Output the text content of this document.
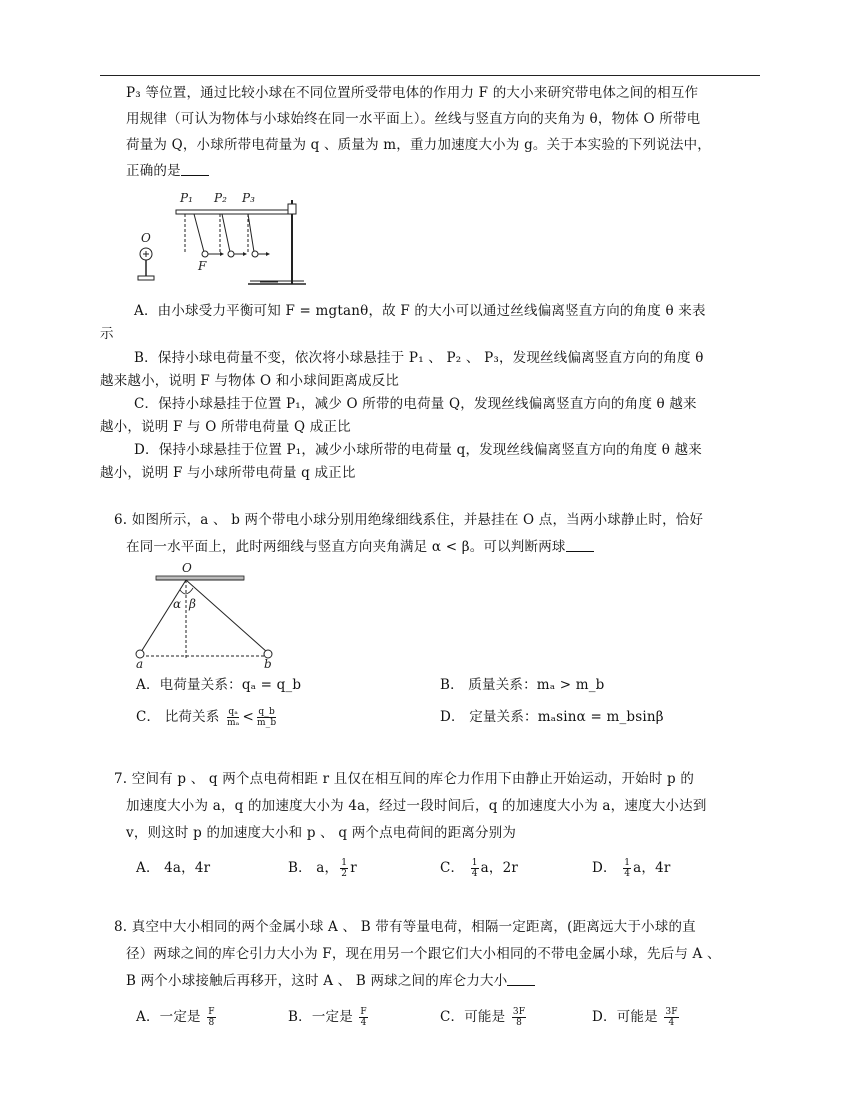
P₃ 等位置，通过比较小球在不同位置所受带电体的作用力 F 的大小来研究带电体之间的相互作
用规律（可认为物体与小球始终在同一水平面上）。丝线与竖直方向的夹角为 θ，物体 O 所带电
荷量为 Q，小球所带电荷量为 q 、质量为 m，重力加速度大小为 g。关于本实验的下列说法中，
正确的是
P₁ P₂ P₃
O
F
A．由小球受力平衡可知 F = mgtanθ，故 F 的大小可以通过丝线偏离竖直方向的角度 θ 来表
示
B．保持小球电荷量不变，依次将小球悬挂于 P₁ 、 P₂ 、 P₃，发现丝线偏离竖直方向的角度 θ
越来越小，说明 F 与物体 O 和小球间距离成反比
C．保持小球悬挂于位置 P₁，减少 O 所带的电荷量 Q，发现丝线偏离竖直方向的角度 θ 越来
越小，说明 F 与 O 所带电荷量 Q 成正比
D．保持小球悬挂于位置 P₁，减少小球所带的电荷量 q，发现丝线偏离竖直方向的角度 θ 越来
越小，说明 F 与小球所带电荷量 q 成正比
6. 如图所示，a 、 b 两个带电小球分别用绝缘细线系住，并悬挂在 O 点，当两小球静止时，恰好
在同一水平面上，此时两细线与竖直方向夹角满足 α < β。可以判断两球
O
α β
a	b
A．电荷量关系：qₐ = q_b	B． 质量关系：mₐ > m_b
C． 比荷关系 $\frac{\text{qₐ}}{\text{mₐ}} < \frac{q\_b}{m\_b}$	D． 定量关系：mₐsinα = m_bsinβ
7. 空间有 p 、 q 两个点电荷相距 r 且仅在相互间的库仑力作用下由静止开始运动，开始时 p 的
加速度大小为 a，q 的加速度大小为 4a，经过一段时间后，q 的加速度大小为 a，速度大小达到
v，则这时 p 的加速度大小和 p 、 q 两个点电荷间的距离分别为
A． 4a，4r	B． a， $\frac{1}{2}$ r	C． $\frac{1}{4}$ a，2r	D． $\frac{1}{4}$ a，4r
8. 真空中大小相同的两个金属小球 A 、 B 带有等量电荷，相隔一定距离，(距离远大于小球的直
径）两球之间的库仑引力大小为 F，现在用另一个跟它们大小相同的不带电金属小球，先后与 A 、
B 两个小球接触后再移开，这时 A 、 B 两球之间的库仑力大小
A．一定是 $\frac{F}{8}$	B．一定是 $\frac{F}{4}$	C．可能是 $\frac{3F}{8}$	D．可能是 $\frac{3F}{4}$
